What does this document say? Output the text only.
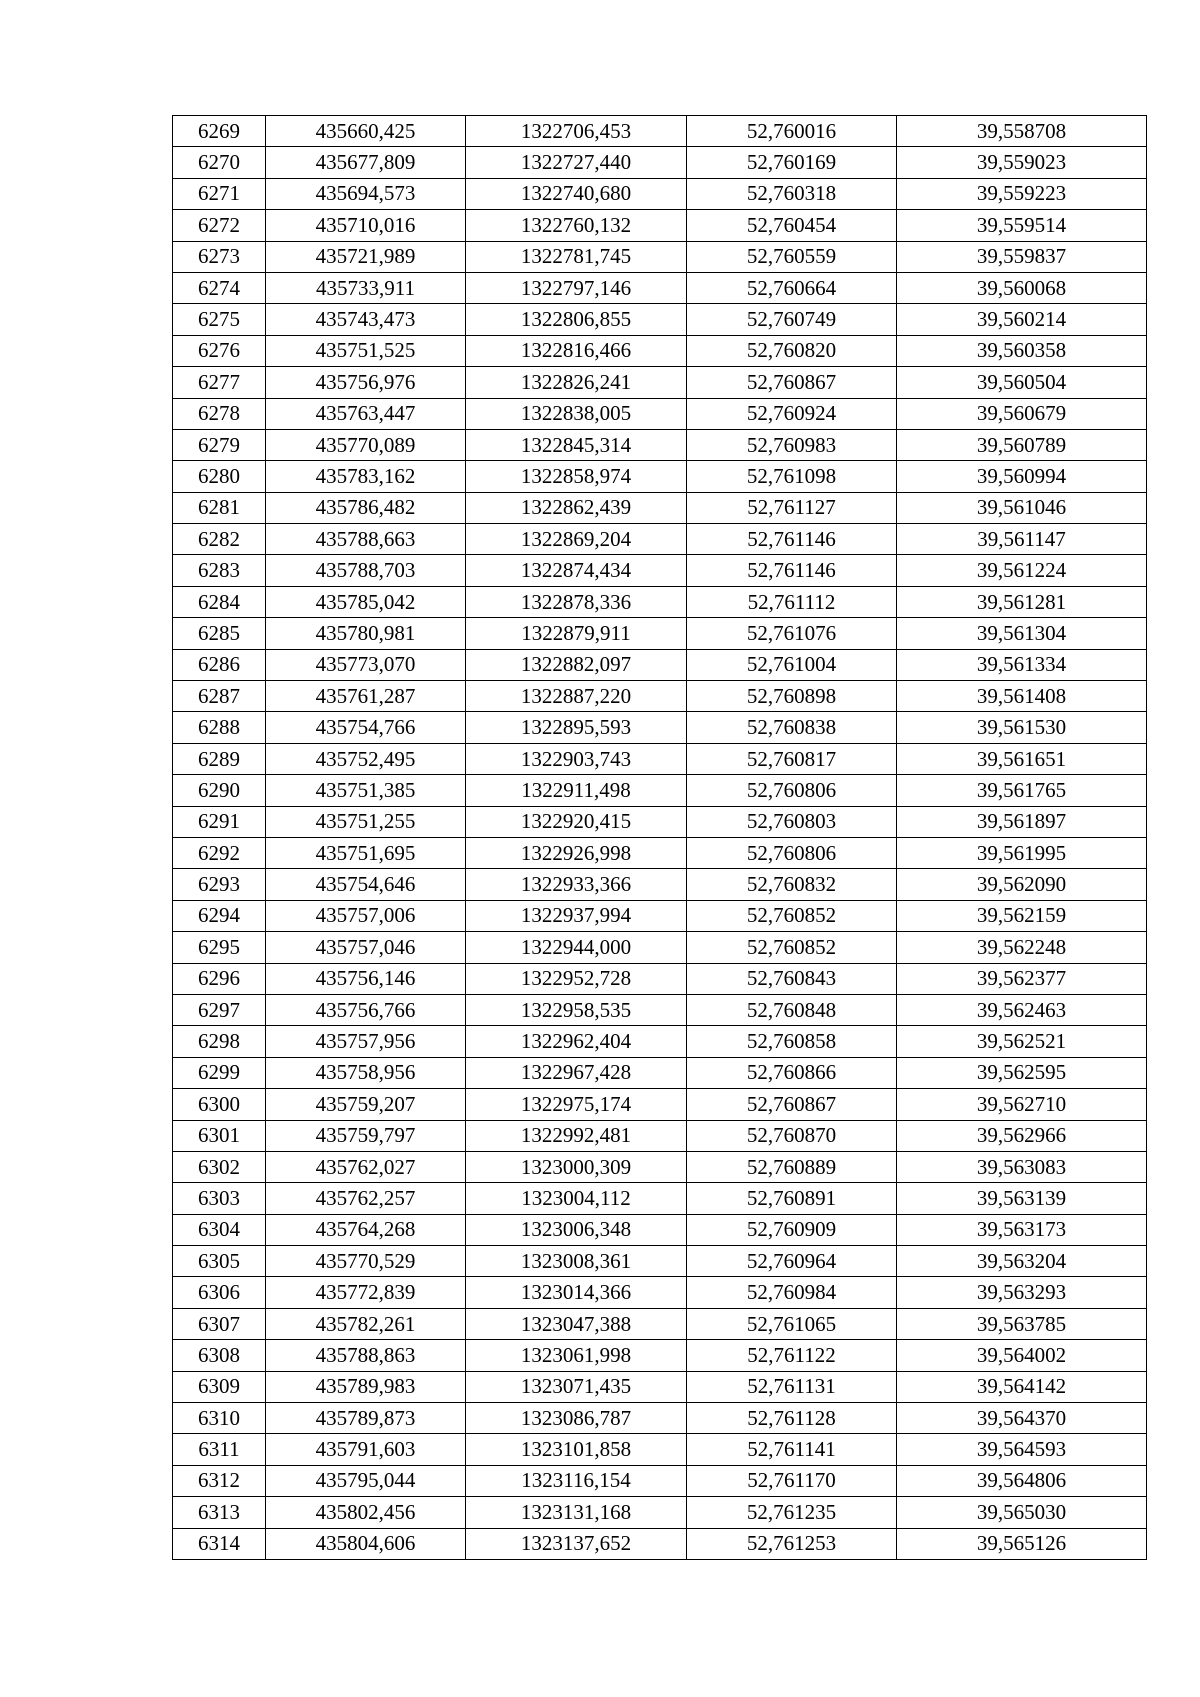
6269	435660,425	1322706,453	52,760016	39,558708
6270	435677,809	1322727,440	52,760169	39,559023
6271	435694,573	1322740,680	52,760318	39,559223
6272	435710,016	1322760,132	52,760454	39,559514
6273	435721,989	1322781,745	52,760559	39,559837
6274	435733,911	1322797,146	52,760664	39,560068
6275	435743,473	1322806,855	52,760749	39,560214
6276	435751,525	1322816,466	52,760820	39,560358
6277	435756,976	1322826,241	52,760867	39,560504
6278	435763,447	1322838,005	52,760924	39,560679
6279	435770,089	1322845,314	52,760983	39,560789
6280	435783,162	1322858,974	52,761098	39,560994
6281	435786,482	1322862,439	52,761127	39,561046
6282	435788,663	1322869,204	52,761146	39,561147
6283	435788,703	1322874,434	52,761146	39,561224
6284	435785,042	1322878,336	52,761112	39,561281
6285	435780,981	1322879,911	52,761076	39,561304
6286	435773,070	1322882,097	52,761004	39,561334
6287	435761,287	1322887,220	52,760898	39,561408
6288	435754,766	1322895,593	52,760838	39,561530
6289	435752,495	1322903,743	52,760817	39,561651
6290	435751,385	1322911,498	52,760806	39,561765
6291	435751,255	1322920,415	52,760803	39,561897
6292	435751,695	1322926,998	52,760806	39,561995
6293	435754,646	1322933,366	52,760832	39,562090
6294	435757,006	1322937,994	52,760852	39,562159
6295	435757,046	1322944,000	52,760852	39,562248
6296	435756,146	1322952,728	52,760843	39,562377
6297	435756,766	1322958,535	52,760848	39,562463
6298	435757,956	1322962,404	52,760858	39,562521
6299	435758,956	1322967,428	52,760866	39,562595
6300	435759,207	1322975,174	52,760867	39,562710
6301	435759,797	1322992,481	52,760870	39,562966
6302	435762,027	1323000,309	52,760889	39,563083
6303	435762,257	1323004,112	52,760891	39,563139
6304	435764,268	1323006,348	52,760909	39,563173
6305	435770,529	1323008,361	52,760964	39,563204
6306	435772,839	1323014,366	52,760984	39,563293
6307	435782,261	1323047,388	52,761065	39,563785
6308	435788,863	1323061,998	52,761122	39,564002
6309	435789,983	1323071,435	52,761131	39,564142
6310	435789,873	1323086,787	52,761128	39,564370
6311	435791,603	1323101,858	52,761141	39,564593
6312	435795,044	1323116,154	52,761170	39,564806
6313	435802,456	1323131,168	52,761235	39,565030
6314	435804,606	1323137,652	52,761253	39,565126
